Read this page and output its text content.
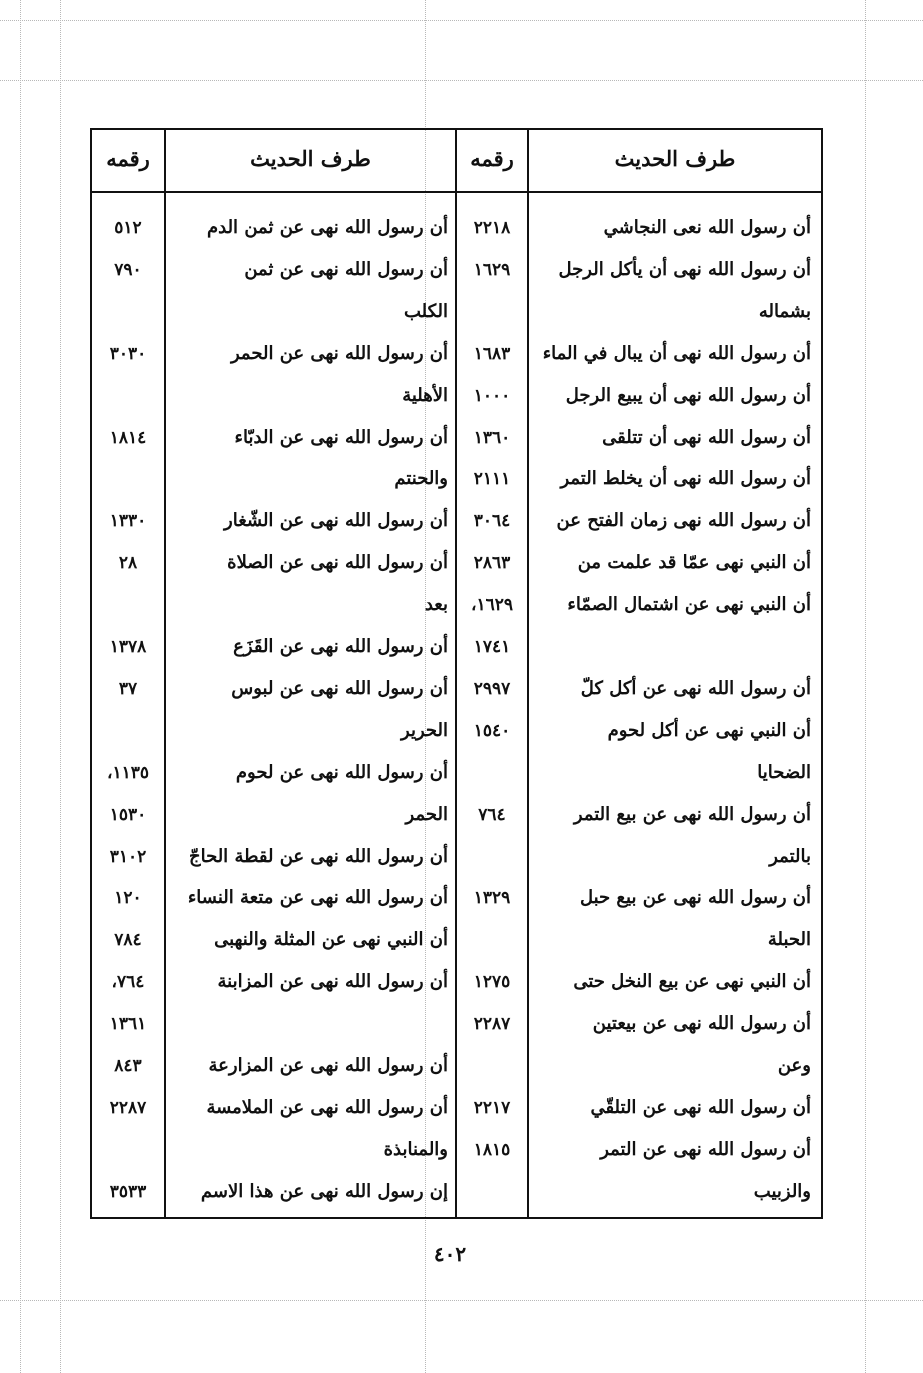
طرف الحديث
رقمه
طرف الحديث
رقمه
أن رسول الله نعى النجاشي
٢٢١٨
أن رسول الله نهى أن يأكل الرجل
١٦٢٩
بشماله
أن رسول الله نهى أن يبال في الماء
١٦٨٣
أن رسول الله نهى أن يبيع الرجل
١٠٠٠
أن رسول الله نهى أن تتلقى
١٣٦٠
أن رسول الله نهى أن يخلط التمر
٢١١١
أن رسول الله نهى زمان الفتح عن
٣٠٦٤
أن النبي نهى عمّا قد علمت من
٢٨٦٣
أن النبي نهى عن اشتمال الصمّاء
١٦٢٩،
١٧٤١
أن رسول الله نهى عن أكل كلّ
٢٩٩٧
أن النبي نهى عن أكل لحوم
١٥٤٠
الضحايا
أن رسول الله نهى عن بيع التمر
٧٦٤
بالتمر
أن رسول الله نهى عن بيع حبل
١٣٢٩
الحبلة
أن النبي نهى عن بيع النخل حتى
١٢٧٥
أن رسول الله نهى عن بيعتين
٢٢٨٧
وعن
أن رسول الله نهى عن التلقّي
٢٢١٧
أن رسول الله نهى عن التمر
١٨١٥
والزبيب
أن رسول الله نهى عن ثمن الدم
٥١٢
أن رسول الله نهى عن ثمن
٧٩٠
الكلب
أن رسول الله نهى عن الحمر
٣٠٣٠
الأهلية
أن رسول الله نهى عن الدبّاء
١٨١٤
والحنتم
أن رسول الله نهى عن الشّغار
١٣٣٠
أن رسول الله نهى عن الصلاة
٢٨
بعد
أن رسول الله نهى عن القَزَع
١٣٧٨
أن رسول الله نهى عن لبوس
٣٧
الحرير
أن رسول الله نهى عن لحوم
١١٣٥،
الحمر
١٥٣٠
أن رسول الله نهى عن لقطة الحاجّ
٣١٠٢
أن رسول الله نهى عن متعة النساء
١٢٠
أن النبي نهى عن المثلة والنهبى
٧٨٤
أن رسول الله نهى عن المزابنة
٧٦٤،
١٣٦١
أن رسول الله نهى عن المزارعة
٨٤٣
أن رسول الله نهى عن الملامسة
٢٢٨٧
والمنابذة
إن رسول الله نهى عن هذا الاسم
٣٥٣٣
٤٠٢
